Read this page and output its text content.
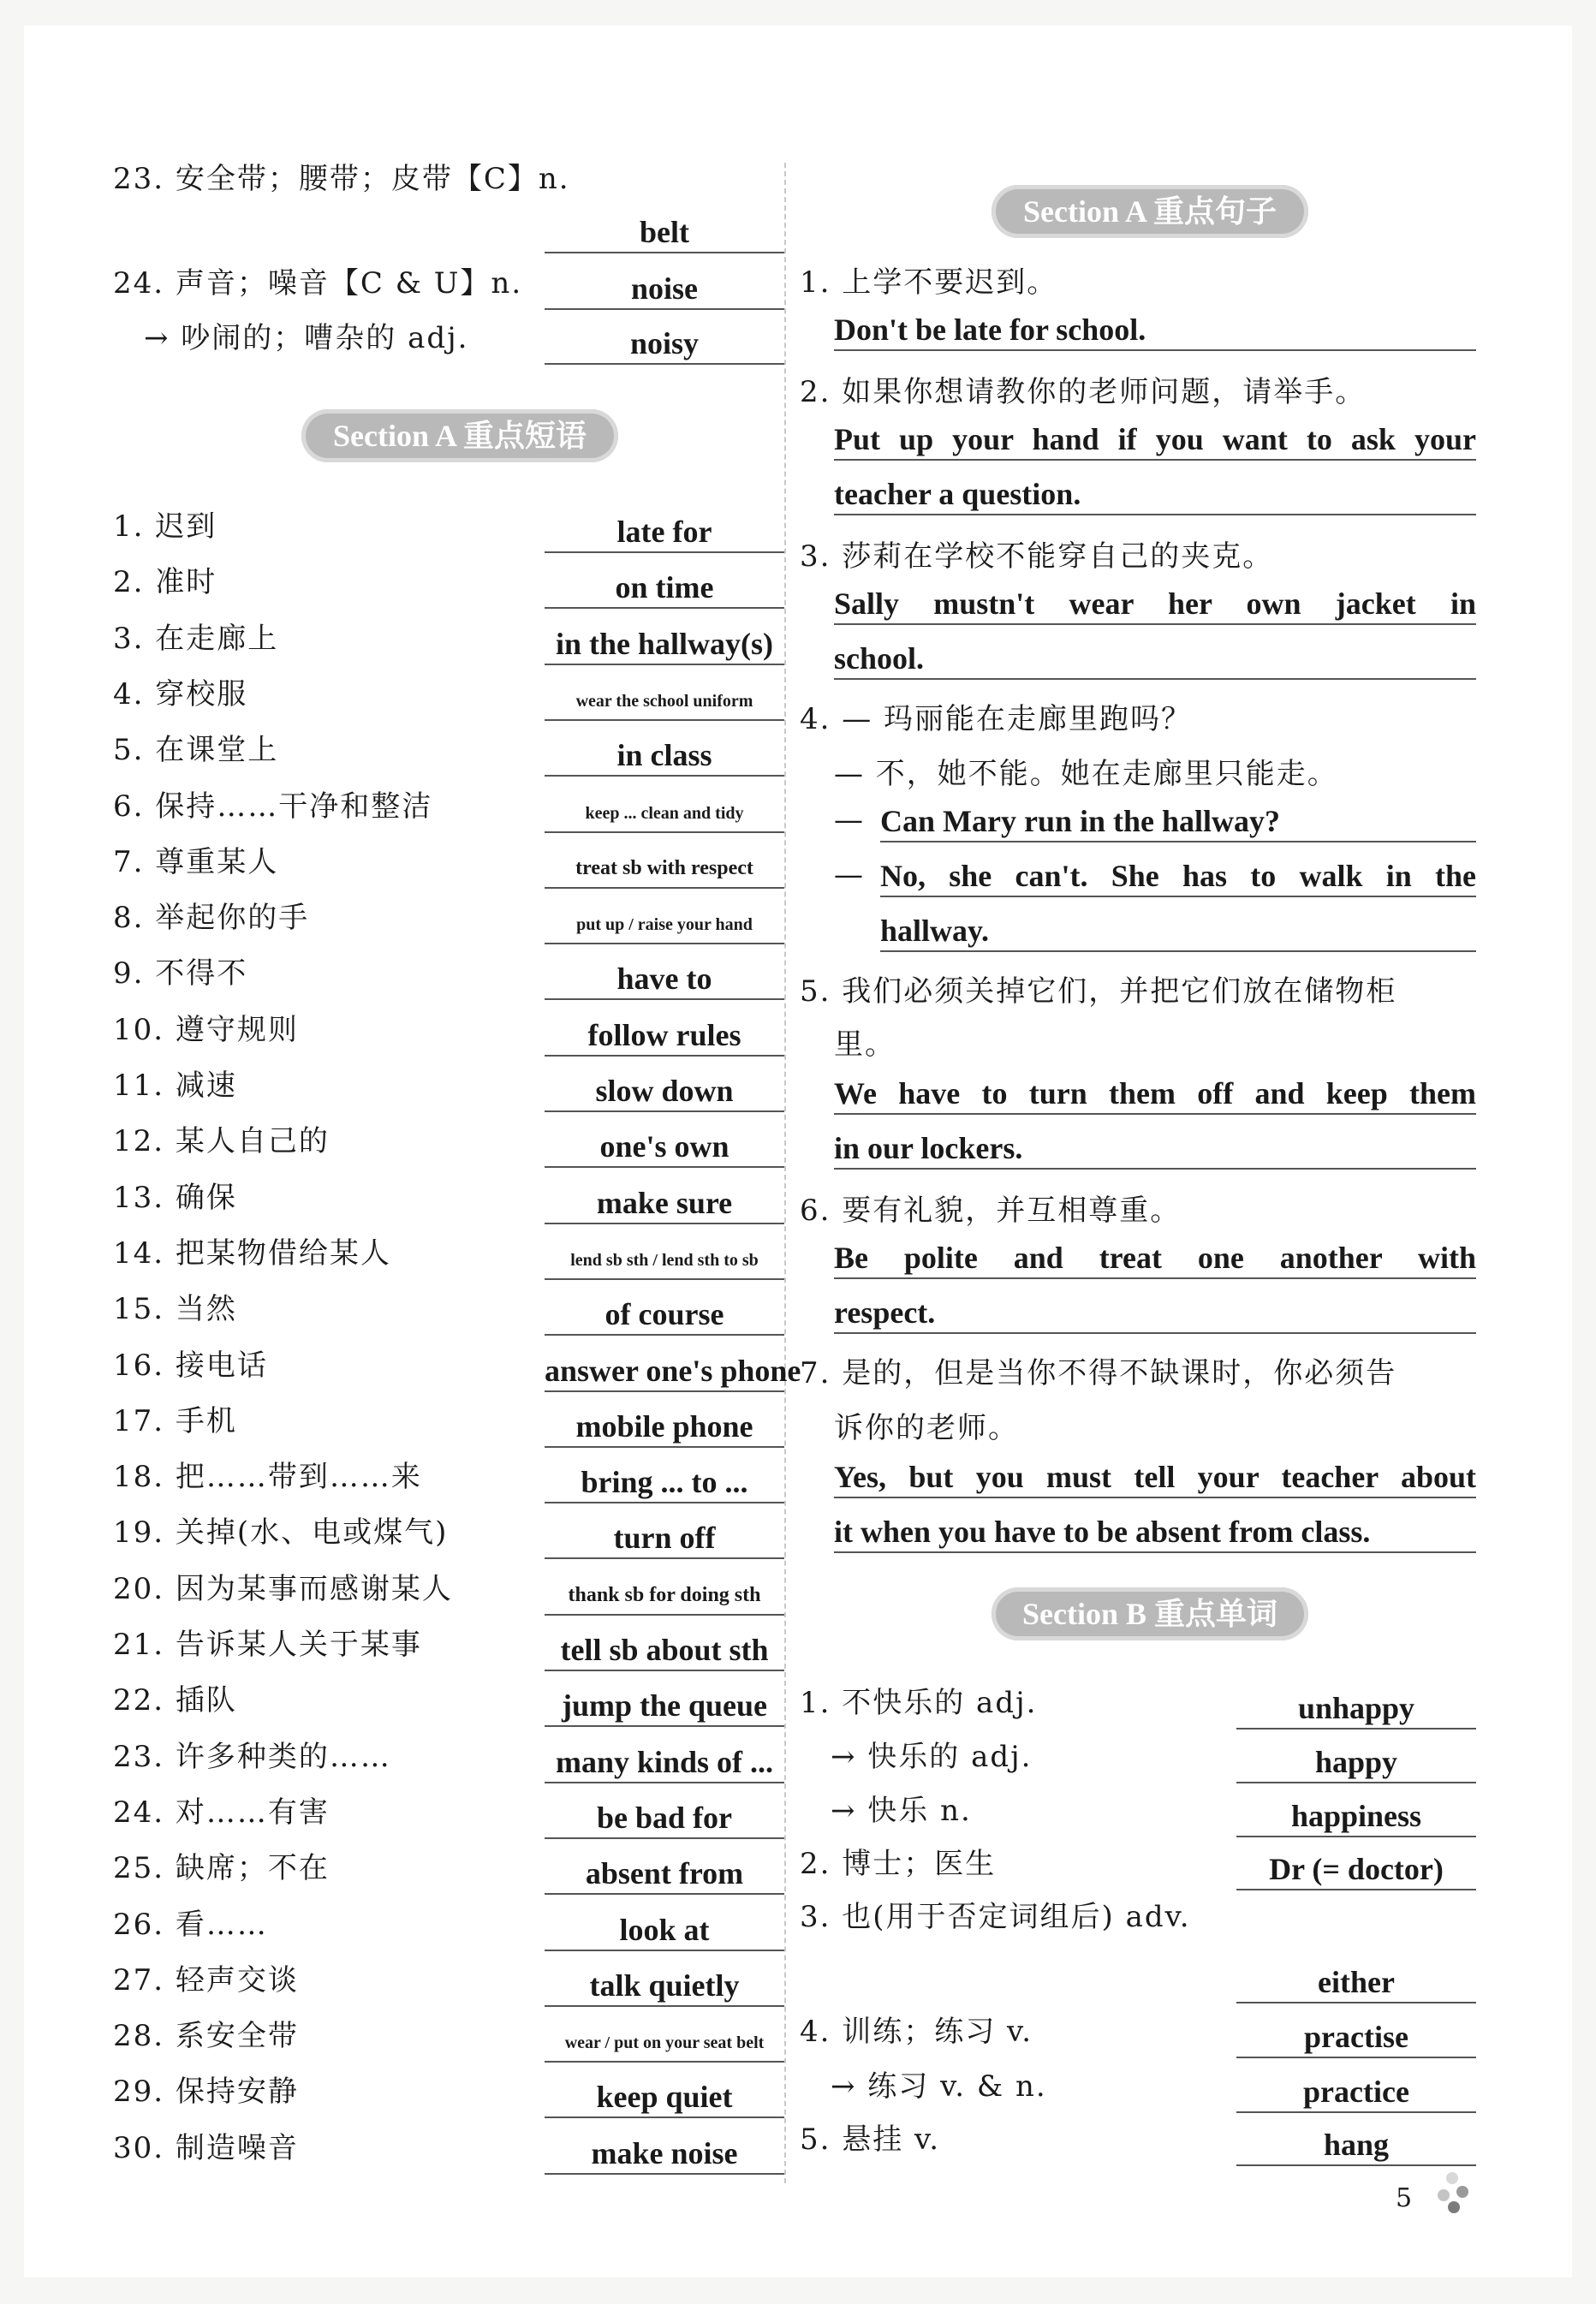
23. 安全带；腰带；皮带【C】n.
belt
24. 声音；噪音【C & U】n.	noise
　→ 吵闹的；嘈杂的 adj.	noisy
Section A 重点短语
1. 迟到	late for
2. 准时	on time
3. 在走廊上	in the hallway(s)
4. 穿校服	wear the school uniform
5. 在课堂上	in class
6. 保持……干净和整洁	keep ... clean and tidy
7. 尊重某人	treat sb with respect
8. 举起你的手	put up / raise your hand
9. 不得不	have to
10. 遵守规则	follow rules
11. 减速	slow down
12. 某人自己的	one's own
13. 确保	make sure
14. 把某物借给某人	lend sb sth / lend sth to sb
15. 当然	of course
16. 接电话	answer one's phone
17. 手机	mobile phone
18. 把……带到……来	bring ... to ...
19. 关掉(水、电或煤气)	turn off
20. 因为某事而感谢某人	thank sb for doing sth
21. 告诉某人关于某事	tell sb about sth
22. 插队	jump the queue
23. 许多种类的……	many kinds of ...
24. 对……有害	be bad for
25. 缺席；不在	absent from
26. 看……	look at
27. 轻声交谈	talk quietly
28. 系安全带	wear / put on your seat belt
29. 保持安静	keep quiet
30. 制造噪音	make noise
Section A 重点句子
1. 上学不要迟到。
Don't be late for school.
2. 如果你想请教你的老师问题，请举手。
Put up your hand if you want to ask your
teacher a question.
3. 莎莉在学校不能穿自己的夹克。
Sally mustn't wear her own jacket in
school.
4. — 玛丽能在走廊里跑吗？
— 不，她不能。她在走廊里只能走。
— Can Mary run in the hallway?
— No, she can't. She has to walk in the
hallway.
5. 我们必须关掉它们，并把它们放在储物柜
里。
We have to turn them off and keep them
in our lockers.
6. 要有礼貌，并互相尊重。
Be polite and treat one another with
respect.
7. 是的，但是当你不得不缺课时，你必须告
诉你的老师。
Yes, but you must tell your teacher about
it when you have to be absent from class.
Section B 重点单词
1. 不快乐的 adj.	unhappy
　→ 快乐的 adj.	happy
　→ 快乐 n.	happiness
2. 博士；医生	Dr (= doctor)
3. 也(用于否定词组后) adv.
either
4. 训练；练习 v.	practise
　→ 练习 v. & n.	practice
5. 悬挂 v.	hang
5
